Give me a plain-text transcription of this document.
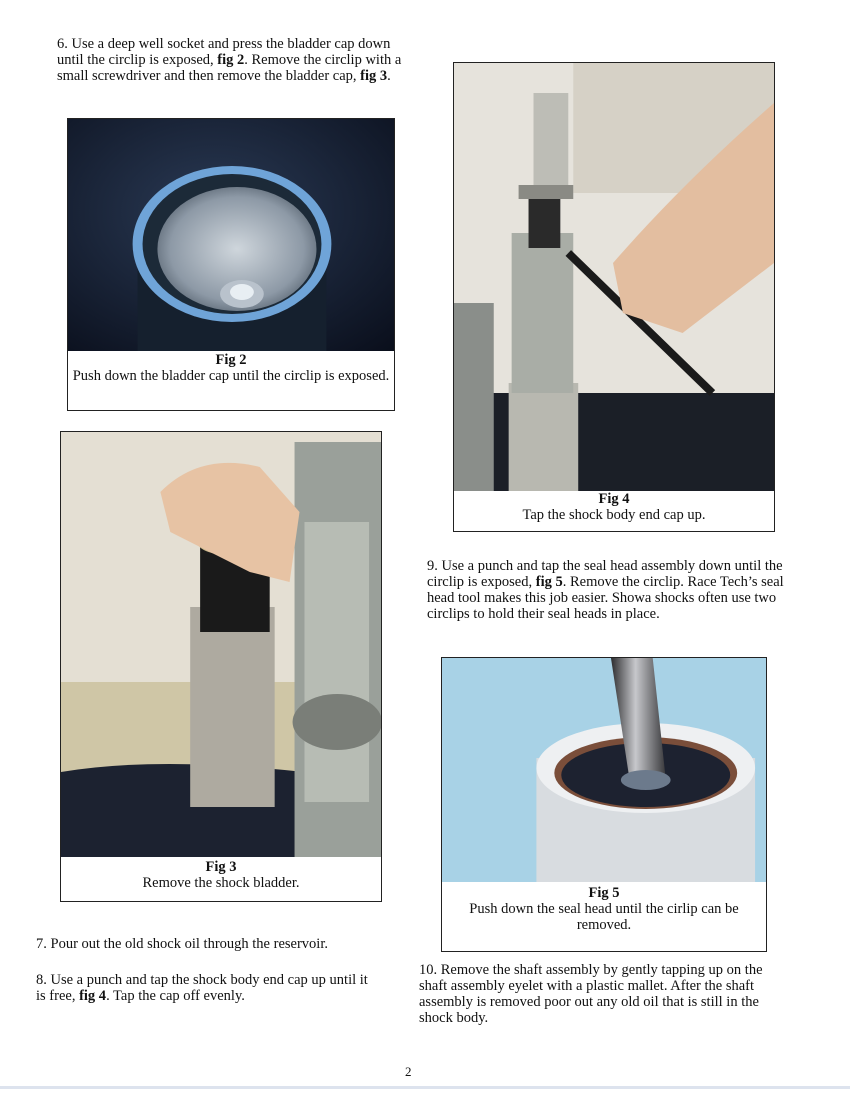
6. Use a deep well socket and press the bladder cap down until the circlip is exposed, fig 2. Remove the circlip with a small screwdriver and then remove the bladder cap, fig 3.

Fig 2
Push down the bladder cap until the circlip is exposed.
Fig 3
Remove the shock bladder.

7. Pour out the old shock oil through the reservoir.

8. Use a punch and tap the shock body end cap up until it is free, fig 4. Tap the cap off evenly.

Fig 4
Tap the shock body end cap up.

9. Use a punch and tap the seal head assembly down until the circlip is exposed, fig 5. Remove the circlip. Race Tech’s seal head tool makes this job easier. Showa shocks often use two circlips to hold their seal heads in place.

Fig 5
Push down the seal head until the cirlip can be removed.

10. Remove the shaft assembly by gently tapping up on the shaft assembly eyelet with a plastic mallet. After the shaft assembly is removed poor out any old oil that is still in the shock body.

2
